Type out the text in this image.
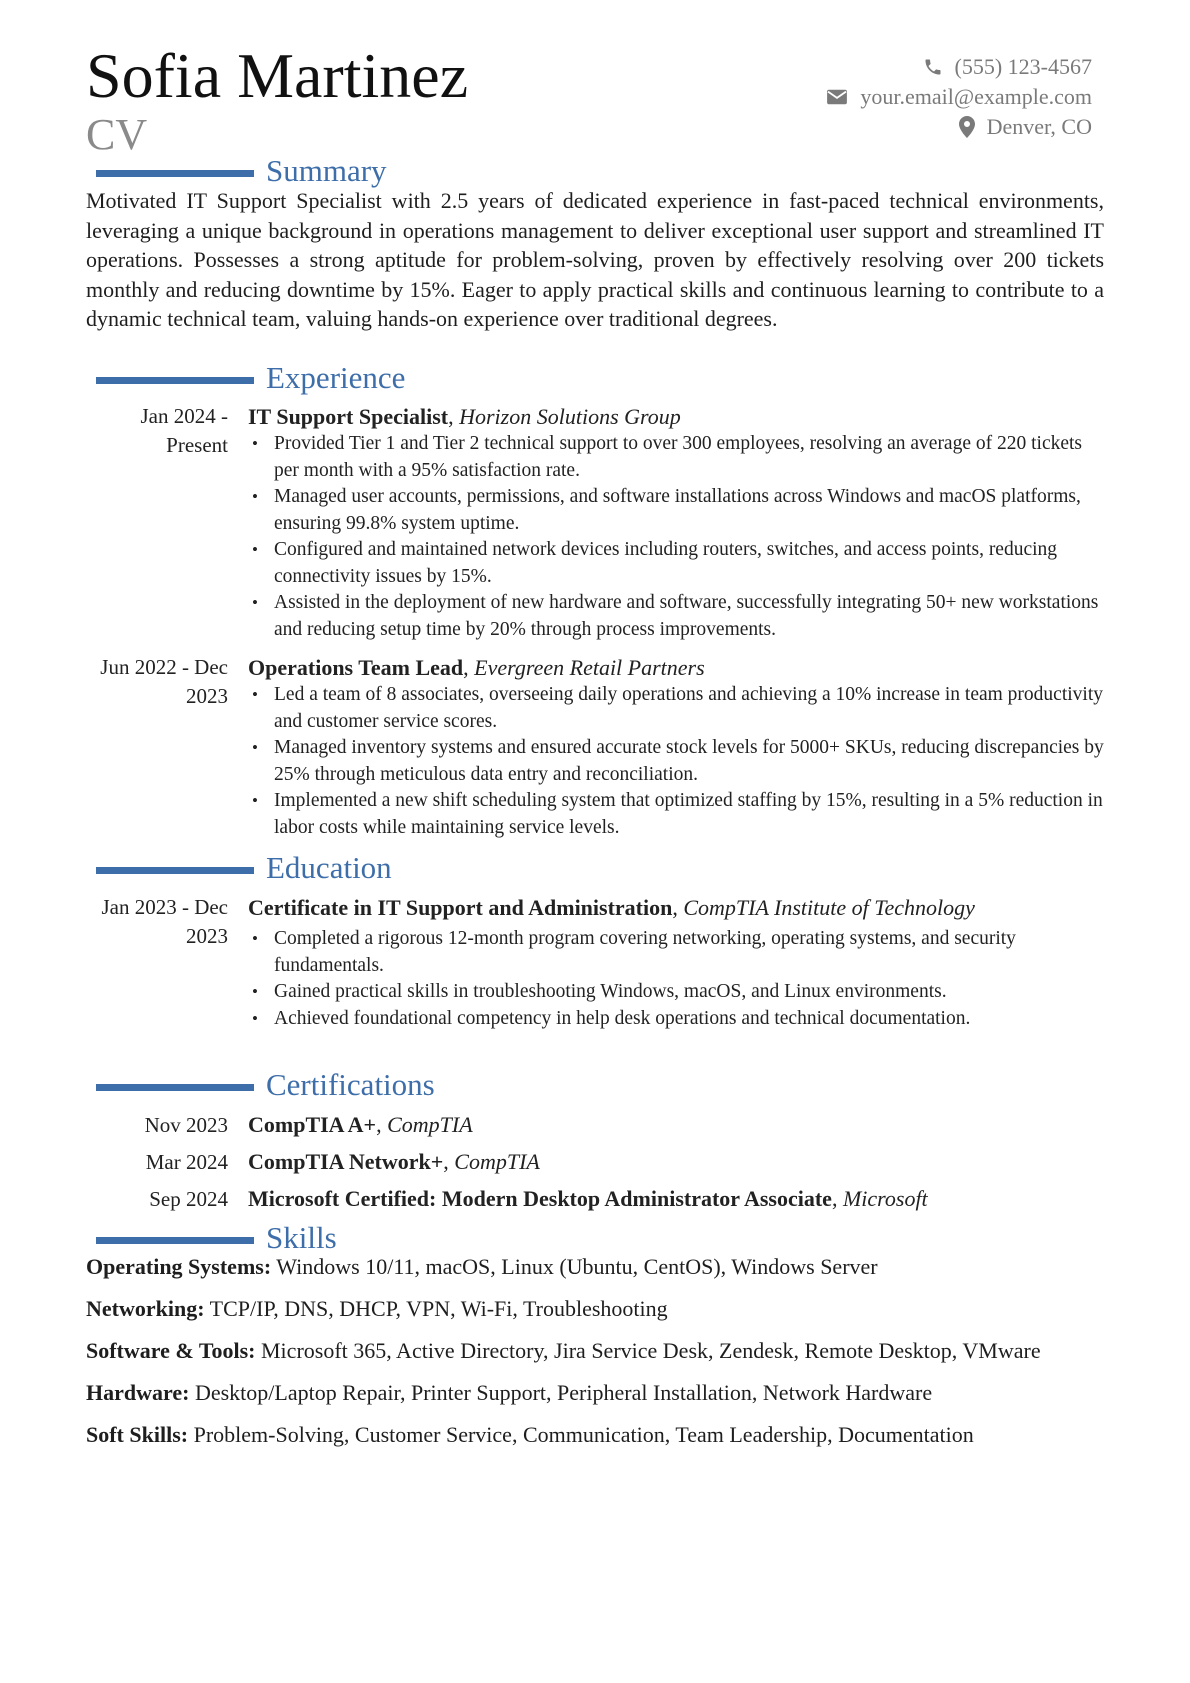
Sofia Martinez
CV
(555) 123-4567
your.email@example.com
Denver, CO
Summary

Motivated IT Support Specialist with 2.5 years of dedicated experience in fast-paced technical environments, leveraging a unique background in operations management to deliver exceptional user support and streamlined IT operations. Possesses a strong aptitude for problem-solving, proven by effectively resolving over 200 tickets monthly and reducing downtime by 15%. Eager to apply practical skills and continuous learning to contribute to a dynamic technical team, valuing hands-on experience over traditional degrees.

Experience
Jan 2024 - Present
IT Support Specialist, Horizon Solutions Group
• Provided Tier 1 and Tier 2 technical support to over 300 employees, resolving an average of 220 tickets per month with a 95% satisfaction rate.
• Managed user accounts, permissions, and software installations across Windows and macOS platforms, ensuring 99.8% system uptime.
• Configured and maintained network devices including routers, switches, and access points, reducing connectivity issues by 15%.
• Assisted in the deployment of new hardware and software, successfully integrating 50+ new workstations and reducing setup time by 20% through process improvements.
Jun 2022 - Dec 2023
Operations Team Lead, Evergreen Retail Partners
• Led a team of 8 associates, overseeing daily operations and achieving a 10% increase in team productivity and customer service scores.
• Managed inventory systems and ensured accurate stock levels for 5000+ SKUs, reducing discrepancies by 25% through meticulous data entry and reconciliation.
• Implemented a new shift scheduling system that optimized staffing by 15%, resulting in a 5% reduction in labor costs while maintaining service levels.
Education
Jan 2023 - Dec 2023
Certificate in IT Support and Administration, CompTIA Institute of Technology
• Completed a rigorous 12-month program covering networking, operating systems, and security fundamentals.
• Gained practical skills in troubleshooting Windows, macOS, and Linux environments.
• Achieved foundational competency in help desk operations and technical documentation.
Certifications
Nov 2023 CompTIA A+, CompTIA
Mar 2024 CompTIA Network+, CompTIA
Sep 2024 Microsoft Certified: Modern Desktop Administrator Associate, Microsoft
Skills
Operating Systems: Windows 10/11, macOS, Linux (Ubuntu, CentOS), Windows Server
Networking: TCP/IP, DNS, DHCP, VPN, Wi-Fi, Troubleshooting
Software & Tools: Microsoft 365, Active Directory, Jira Service Desk, Zendesk, Remote Desktop, VMware
Hardware: Desktop/Laptop Repair, Printer Support, Peripheral Installation, Network Hardware
Soft Skills: Problem-Solving, Customer Service, Communication, Team Leadership, Documentation
